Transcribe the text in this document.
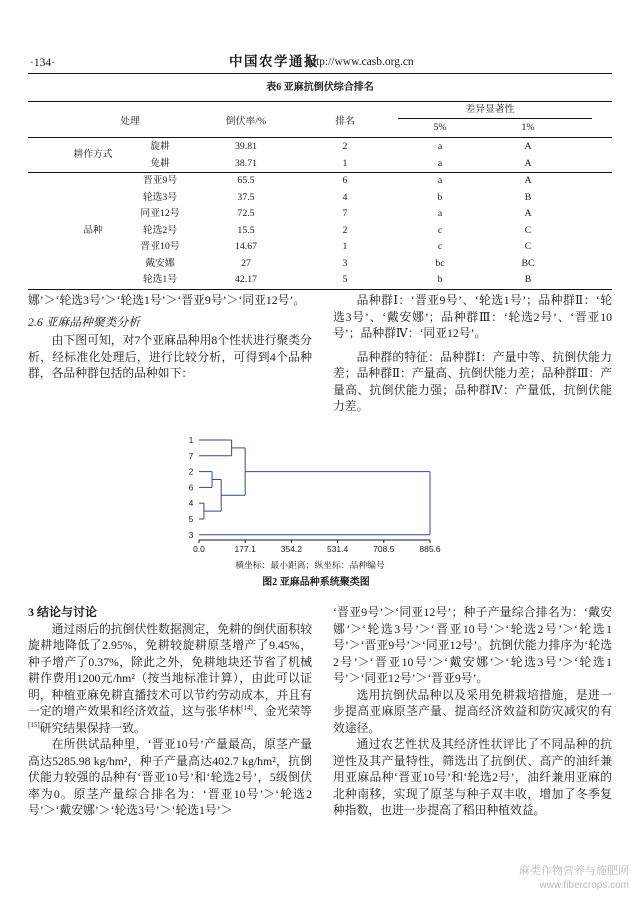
·134·	中国农学通报
http://www.casb.org.cn
表6 亚麻抗倒伏综合排名
处理	倒伏率/%	排名
差异显著性
5%	1%
旋耕	39.81	2	a	A
免耕	38.71	1	a	A
耕作方式
晋亚9号	65.5	6	a	A
轮选3号	37.5	4	b	B
同亚12号	72.5	7	a	A
轮选2号	15.5	2	c	C
晋亚10号	14.67	1	c	C
戴安娜	27	3	bc	BC
轮选1号	42.17	5	b	B
品种

娜’＞‘轮选3号’＞‘轮选1号’＞‘晋亚9号’＞‘同亚12号’。

2.6 亚麻品种聚类分析

由下图可知，对7个亚麻品种用8个性状进行聚类分析，经标准化处理后，进行比较分析，可得到4个品种群，各品种群包括的品种如下：

品种群Ⅰ：‘晋亚9号’、‘轮选1号’；品种群Ⅱ：‘轮选3号’、‘戴安娜’；品种群Ⅲ：‘轮选2号’、‘晋亚10号’；品种群Ⅳ：‘同亚12号’。

品种群的特征：品种群Ⅰ：产量中等、抗倒伏能力差；品种群Ⅱ：产量高、抗倒伏能力差；品种群Ⅲ：产量高、抗倒伏能力强；品种群Ⅳ：产量低，抗倒伏能力差。

1
7
2
6
4
5
3
0.0	177.1	354.2	531.4	708.5	885.6
横坐标：最小距离；纵坐标：品种编号
图2 亚麻品种系统聚类图

3 结论与讨论

通过雨后的抗倒伏性数据测定，免耕的倒伏面积较旋耕地降低了2.95%，免耕较旋耕原茎增产了9.45%，种子增产了0.37%，除此之外，免耕地块还节省了机械耕作费用1200元/hm²（按当地标准计算），由此可以证明，种植亚麻免耕直播技术可以节约劳动成本，并且有一定的增产效果和经济效益，这与张华林[14]、金光荣等[15]研究结果保持一致。

在所供试品种里，‘晋亚10号’产量最高，原茎产量高达5285.98 kg/hm²，种子产量高达402.7 kg/hm²，抗倒伏能力较强的品种有‘晋亚10号’和‘轮选2号’，5级倒伏率为0。原茎产量综合排名为：‘晋亚10号’＞‘轮选2号’＞‘戴安娜’＞‘轮选3号’＞‘轮选1号’＞

‘晋亚9号’＞‘同亚12号’；种子产量综合排名为：‘戴安娜’＞‘轮选3号’＞‘晋亚10号’＞‘轮选2号’＞‘轮选1号’＞‘晋亚9号’＞‘同亚12号’。抗倒伏能力排序为‘轮选2号’＞‘晋亚10号’＞‘戴安娜’＞‘轮选3号’＞‘轮选1号’＞‘同亚12号’＞‘晋亚9号’。

选用抗倒伏品种以及采用免耕栽培措施，是进一步提高亚麻原茎产量、提高经济效益和防灾减灾的有效途径。

通过农艺性状及其经济性状评比了不同品种的抗逆性及其产量特性，筛选出了抗倒伏、高产的油纤兼用亚麻品种‘晋亚10号’和‘轮选2号’，油纤兼用亚麻的北种南移，实现了原茎与种子双丰收，增加了冬季复种指数，也进一步提高了稻田种植效益。

麻类作物营养与施肥网
www.fibercrops.com
